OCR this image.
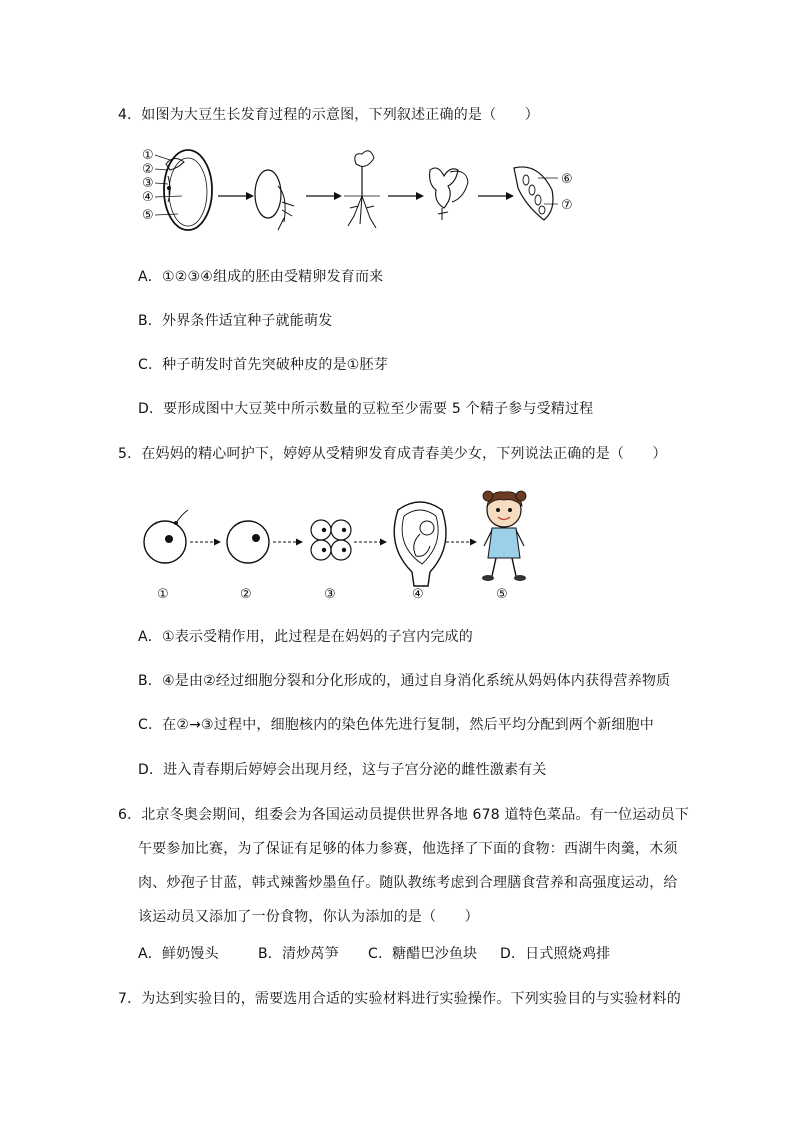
4．如图为大豆生长发育过程的示意图，下列叙述正确的是（　　）
①
②
③
④
⑤
⑥
⑦
A．①②③④组成的胚由受精卵发育而来
B．外界条件适宜种子就能萌发
C．种子萌发时首先突破种皮的是①胚芽
D．要形成图中大豆荚中所示数量的豆粒至少需要 5 个精子参与受精过程
5．在妈妈的精心呵护下，婷婷从受精卵发育成青春美少女，下列说法正确的是（　　）
①	②	③	④	⑤
A．①表示受精作用，此过程是在妈妈的子宫内完成的
B．④是由②经过细胞分裂和分化形成的，通过自身消化系统从妈妈体内获得营养物质
C．在②→③过程中，细胞核内的染色体先进行复制，然后平均分配到两个新细胞中
D．进入青春期后婷婷会出现月经，这与子宫分泌的雌性激素有关
6．北京冬奥会期间，组委会为各国运动员提供世界各地 678 道特色菜品。有一位运动员下
午要参加比赛，为了保证有足够的体力参赛，他选择了下面的食物：西湖牛肉羹，木须
肉、炒孢子甘蓝，韩式辣酱炒墨鱼仔。随队教练考虑到合理膳食营养和高强度运动，给
该运动员又添加了一份食物，你认为添加的是（　　）
A．鲜奶馒头	B．清炒莴笋 C．糖醋巴沙鱼块 D．日式照烧鸡排
7．为达到实验目的，需要选用合适的实验材料进行实验操作。下列实验目的与实验材料的
